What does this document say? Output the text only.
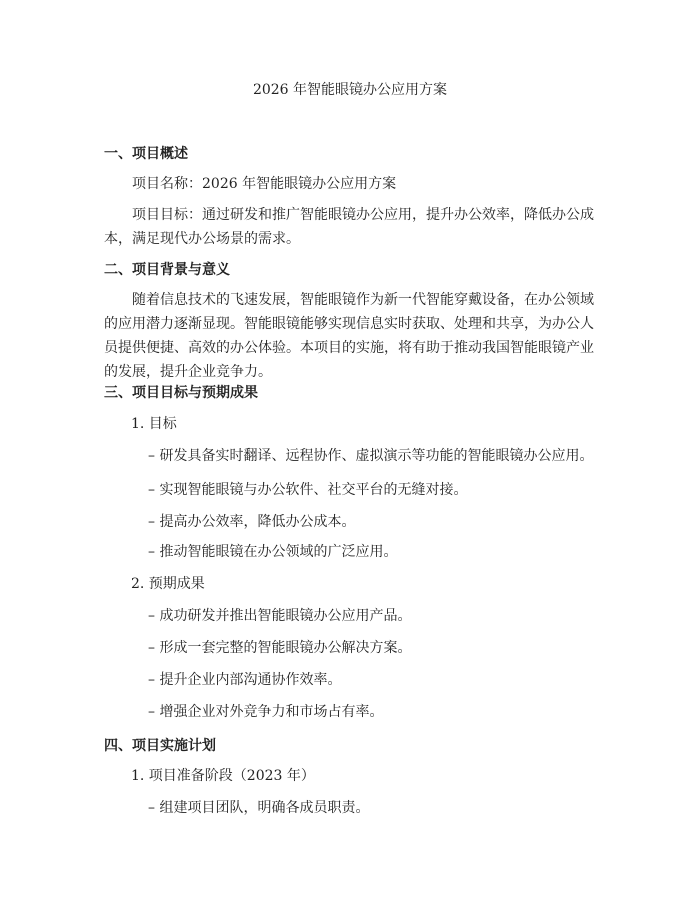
2026 年智能眼镜办公应用方案
一、项目概述
项目名称：2026 年智能眼镜办公应用方案
项目目标：通过研发和推广智能眼镜办公应用，提升办公效率，降低办公成本，满足现代办公场景的需求。
二、项目背景与意义
随着信息技术的飞速发展，智能眼镜作为新一代智能穿戴设备，在办公领域的应用潜力逐渐显现。智能眼镜能够实现信息实时获取、处理和共享，为办公人员提供便捷、高效的办公体验。本项目的实施，将有助于推动我国智能眼镜产业的发展，提升企业竞争力。
三、项目目标与预期成果
1. 目标
– 研发具备实时翻译、远程协作、虚拟演示等功能的智能眼镜办公应用。
– 实现智能眼镜与办公软件、社交平台的无缝对接。
– 提高办公效率，降低办公成本。
– 推动智能眼镜在办公领域的广泛应用。
2. 预期成果
– 成功研发并推出智能眼镜办公应用产品。
– 形成一套完整的智能眼镜办公解决方案。
– 提升企业内部沟通协作效率。
– 增强企业对外竞争力和市场占有率。
四、项目实施计划
1. 项目准备阶段（2023 年）
– 组建项目团队，明确各成员职责。
